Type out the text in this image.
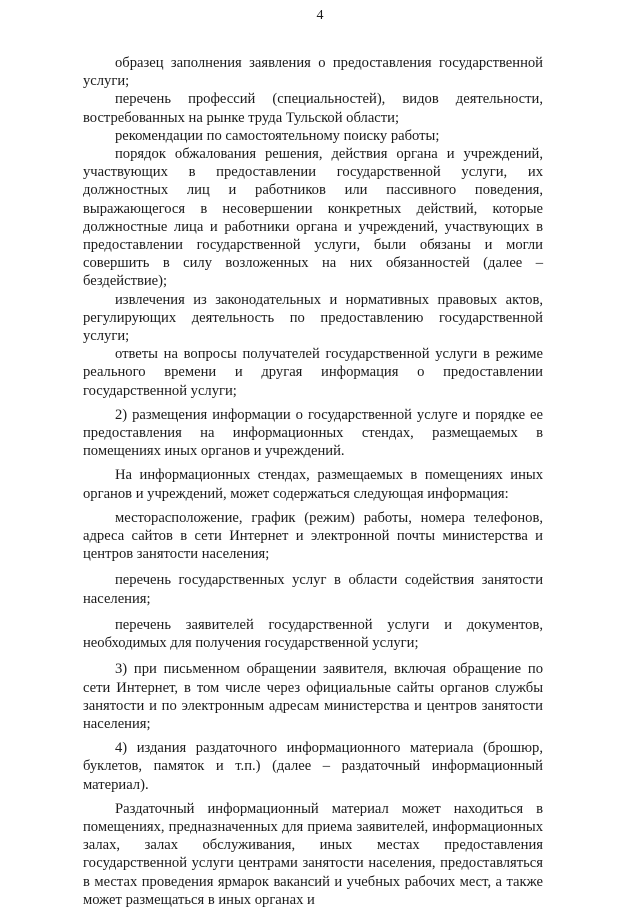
4

образец заполнения заявления о предоставления государственной услуги;

перечень профессий (специальностей), видов деятельности, востребованных на рынке труда Тульской области;

рекомендации по самостоятельному поиску работы;

порядок обжалования решения, действия органа и учреждений, участвующих в предоставлении государственной услуги, их должностных лиц и работников или пассивного поведения, выражающегося в несовершении конкретных действий, которые должностные лица и работники органа и учреждений, участвующих в предоставлении государственной услуги, были обязаны и могли совершить в силу возложенных на них обязанностей (далее – бездействие);

извлечения из законодательных и нормативных правовых актов, регулирующих деятельность по предоставлению государственной услуги;

ответы на вопросы получателей государственной услуги в режиме реального времени и другая информация о предоставлении государственной услуги;

2) размещения информации о государственной услуге и порядке ее предоставления на информационных стендах, размещаемых в помещениях иных органов и учреждений.

На информационных стендах, размещаемых в помещениях иных органов и учреждений, может содержаться следующая информация:

месторасположение, график (режим) работы, номера телефонов, адреса сайтов в сети Интернет и электронной почты министерства и центров занятости населения;

перечень государственных услуг в области содействия занятости населения;

перечень заявителей государственной услуги и документов, необходимых для получения государственной услуги;

3) при письменном обращении заявителя, включая обращение по сети Интернет, в том числе через официальные сайты органов службы занятости и по электронным адресам министерства и центров занятости населения;

4) издания раздаточного информационного материала (брошюр, буклетов, памяток и т.п.) (далее – раздаточный информационный материал).

Раздаточный информационный материал может находиться в помещениях, предназначенных для приема заявителей, информационных залах, залах обслуживания, иных местах предоставления государственной услуги центрами занятости населения, предоставляться в местах проведения ярмарок вакансий и учебных рабочих мест, а также может размещаться в иных органах и
